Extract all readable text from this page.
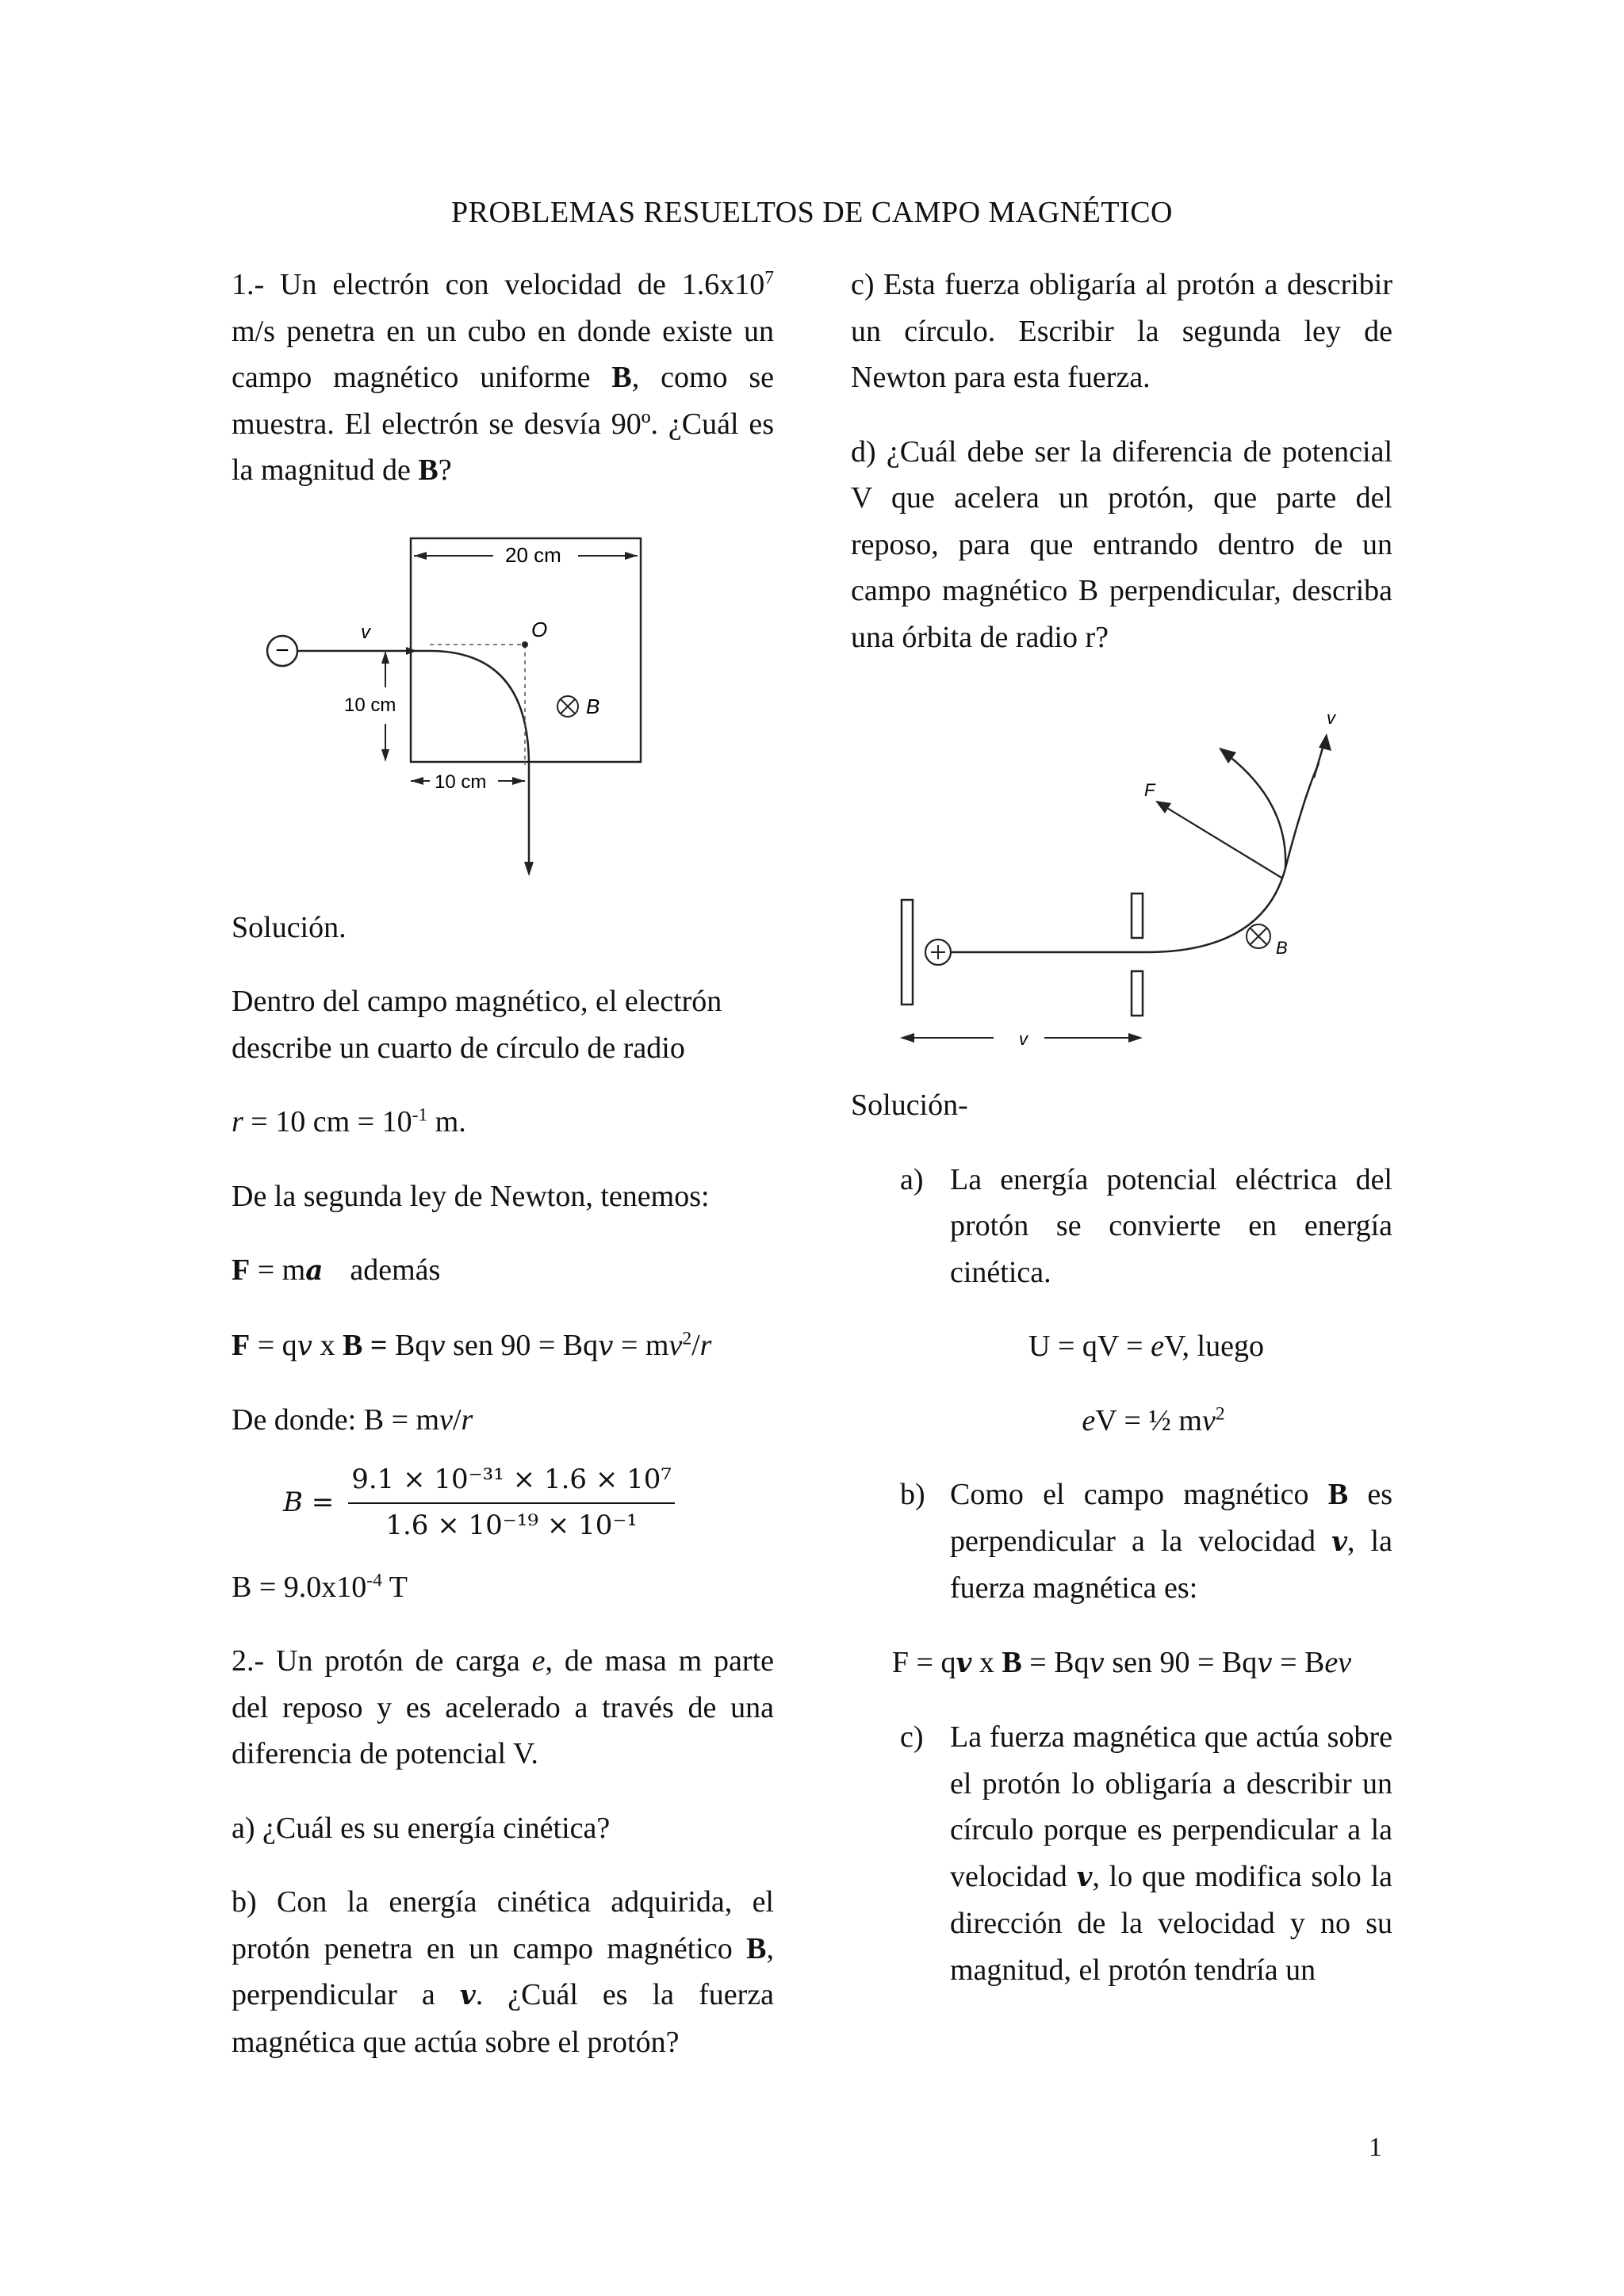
PROBLEMAS RESUELTOS DE CAMPO MAGNÉTICO

1.- Un electrón con velocidad de $1.6x10^7$ m/s penetra en un cubo en donde existe un campo magnético uniforme B, como se muestra. El electrón se desvía 90º. ¿Cuál es la magnitud de B?

20 cm
−
v	O
10 cm	B
10 cm

Solución.

Dentro del campo magnético, el electrón describe un cuarto de círculo de radio

r = 10 cm = $10^{-1}$ m.

De la segunda ley de Newton, tenemos:

F = ma además

F = qv x B = Bqv sen 90 = Bqv = $mv^2/r$

De donde: B = mv/r

$B = \frac{\text{9.1 × 10⁻³¹ × 1.6 × 10⁷}}{\text{1.6 × 10⁻¹⁹ × 10⁻¹}}$

$B = 9.0x10^{-4}$ T

2.- Un protón de carga e, de masa m parte del reposo y es acelerado a través de una diferencia de potencial V.

a) ¿Cuál es su energía cinética?

b) Con la energía cinética adquirida, el protón penetra en un campo magnético B, perpendicular a v. ¿Cuál es la fuerza magnética que actúa sobre el protón?

c) Esta fuerza obligaría al protón a describir un círculo. Escribir la segunda ley de Newton para esta fuerza.

d) ¿Cuál debe ser la diferencia de potencial V que acelera un protón, que parte del reposo, para que entrando dentro de un campo magnético B perpendicular, describa una órbita de radio r?

v
F
B
v

Solución-

a) La energía potencial eléctrica del protón se convierte en energía cinética.

U = qV = eV, luego

eV = ½ $mv^2$

b) Como el campo magnético B es perpendicular a la velocidad v, la fuerza magnética es:

F = qv x B = Bqv sen 90 = Bqv = Bev

c) La fuerza magnética que actúa sobre el protón lo obligaría a describir un círculo porque es perpendicular a la velocidad v, lo que modifica solo la dirección de la velocidad y no su magnitud, el protón tendría un
1
